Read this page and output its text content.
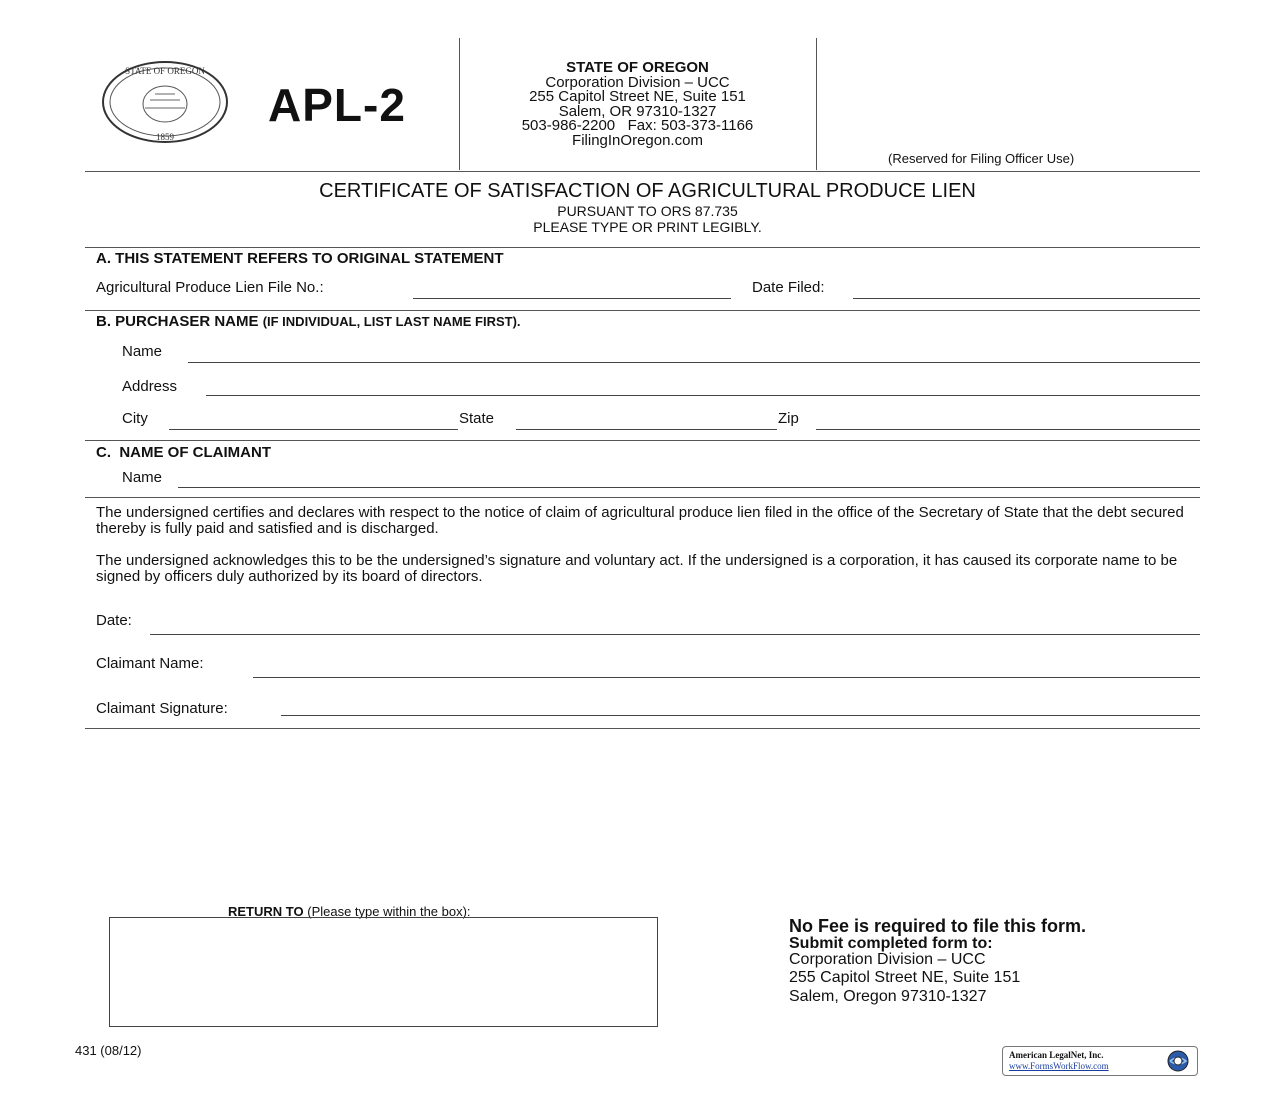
STATE OF OREGON
1859
APL-2
STATE OF OREGON
Corporation Division – UCC
255 Capitol Street NE, Suite 151
Salem, OR 97310-1327
503-986-2200   Fax: 503-373-1166
FilingInOregon.com
(Reserved for Filing Officer Use)
CERTIFICATE OF SATISFACTION OF AGRICULTURAL PRODUCE LIEN
PURSUANT TO ORS 87.735
PLEASE TYPE OR PRINT LEGIBLY.
A. THIS STATEMENT REFERS TO ORIGINAL STATEMENT
Agricultural Produce Lien File No.:	Date Filed:
B. PURCHASER NAME (IF INDIVIDUAL, LIST LAST NAME FIRST).
Name
Address
City	State	Zip
C.  NAME OF CLAIMANT
Name
The undersigned certifies and declares with respect to the notice of claim of agricultural produce lien filed in the office of the Secretary of State that the debt secured thereby is fully paid and satisfied and is discharged.
The undersigned acknowledges this to be the undersigned’s signature and voluntary act. If the undersigned is a corporation, it has caused its corporate name to be signed by officers duly authorized by its board of directors.
Date:
Claimant Name:
Claimant Signature:
RETURN TO (Please type within the box):
No Fee is required to file this form.
Submit completed form to:
Corporation Division – UCC
255 Capitol Street NE, Suite 151
Salem, Oregon 97310-1327
431 (08/12)	American LegalNet, Inc.
www.FormsWorkFlow.com
